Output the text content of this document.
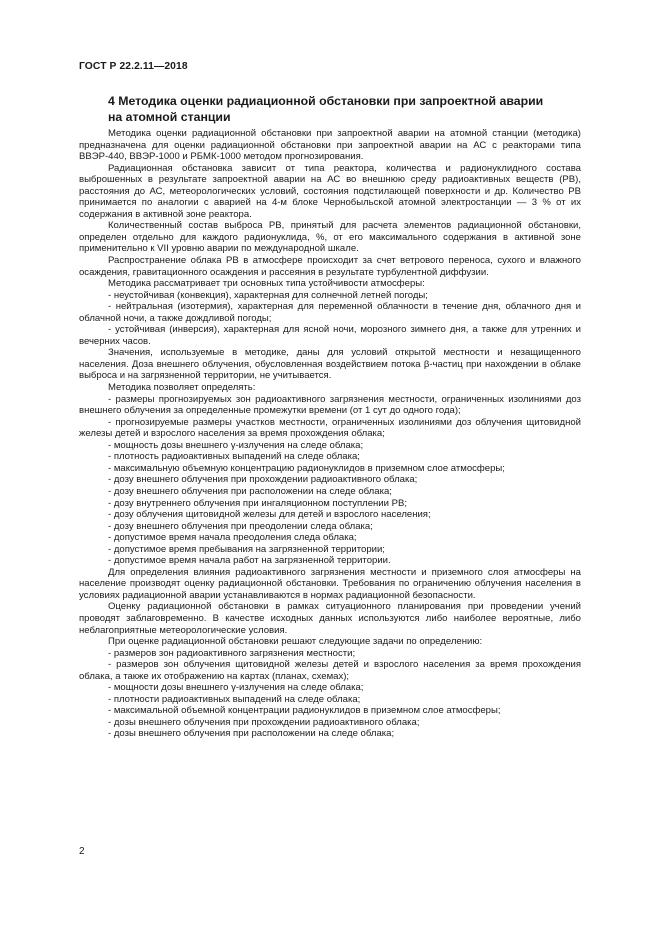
ГОСТ Р 22.2.11—2018
4 Методика оценки радиационной обстановки при запроектной аварии
на атомной станции

Методика оценки радиационной обстановки при запроектной аварии на атомной станции (методика) предназначена для оценки радиационной обстановки при запроектной аварии на АС с реакторами типа ВВЭР-440, ВВЭР-1000 и РБМК-1000 методом прогнозирования.

Радиационная обстановка зависит от типа реактора, количества и радионуклидного состава выброшенных в результате запроектной аварии на АС во внешнюю среду радиоактивных веществ (РВ), расстояния до АС, метеорологических условий, состояния подстилающей поверхности и др. Количество РВ принимается по аналогии с аварией на 4-м блоке Чернобыльской атомной электростанции — 3 % от их содержания в активной зоне реактора.

Количественный состав выброса РВ, принятый для расчета элементов радиационной обстановки, определен отдельно для каждого радионуклида, %, от его максимального содержания в активной зоне применительно к VII уровню аварии по международной шкале.

Распространение облака РВ в атмосфере происходит за счет ветрового переноса, сухого и влажного осаждения, гравитационного осаждения и рассеяния в результате турбулентной диффузии.

Методика рассматривает три основных типа устойчивости атмосферы:

- неустойчивая (конвекция), характерная для солнечной летней погоды;

- нейтральная (изотермия), характерная для переменной облачности в течение дня, облачного дня и облачной ночи, а также дождливой погоды;

- устойчивая (инверсия), характерная для ясной ночи, морозного зимнего дня, а также для утренних и вечерних часов.

Значения, используемые в методике, даны для условий открытой местности и незащищенного населения. Доза внешнего облучения, обусловленная воздействием потока β-частиц при нахождении в облаке выброса и на загрязненной территории, не учитывается.

Методика позволяет определять:

- размеры прогнозируемых зон радиоактивного загрязнения местности, ограниченных изолиниями доз внешнего облучения за определенные промежутки времени (от 1 сут до одного года);

- прогнозируемые размеры участков местности, ограниченных изолиниями доз облучения щитовидной железы детей и взрослого населения за время прохождения облака;

- мощность дозы внешнего γ-излучения на следе облака;

- плотность радиоактивных выпадений на следе облака;

- максимальную объемную концентрацию радионуклидов в приземном слое атмосферы;

- дозу внешнего облучения при прохождении радиоактивного облака;

- дозу внешнего облучения при расположении на следе облака;

- дозу внутреннего облучения при ингаляционном поступлении РВ;

- дозу облучения щитовидной железы для детей и взрослого населения;

- дозу внешнего облучения при преодолении следа облака;

- допустимое время начала преодоления следа облака;

- допустимое время пребывания на загрязненной территории;

- допустимое время начала работ на загрязненной территории.

Для определения влияния радиоактивного загрязнения местности и приземного слоя атмосферы на население производят оценку радиационной обстановки. Требования по ограничению облучения населения в условиях радиационной аварии устанавливаются в нормах радиационной безопасности.

Оценку радиационной обстановки в рамках ситуационного планирования при проведении учений проводят заблаговременно. В качестве исходных данных используются либо наиболее вероятные, либо неблагоприятные метеорологические условия.

При оценке радиационной обстановки решают следующие задачи по определению:

- размеров зон радиоактивного загрязнения местности;

- размеров зон облучения щитовидной железы детей и взрослого населения за время прохождения облака, а также их отображению на картах (планах, схемах);

- мощности дозы внешнего γ-излучения на следе облака;

- плотности радиоактивных выпадений на следе облака;

- максимальной объемной концентрации радионуклидов в приземном слое атмосферы;

- дозы внешнего облучения при прохождении радиоактивного облака;

- дозы внешнего облучения при расположении на следе облака;

2
